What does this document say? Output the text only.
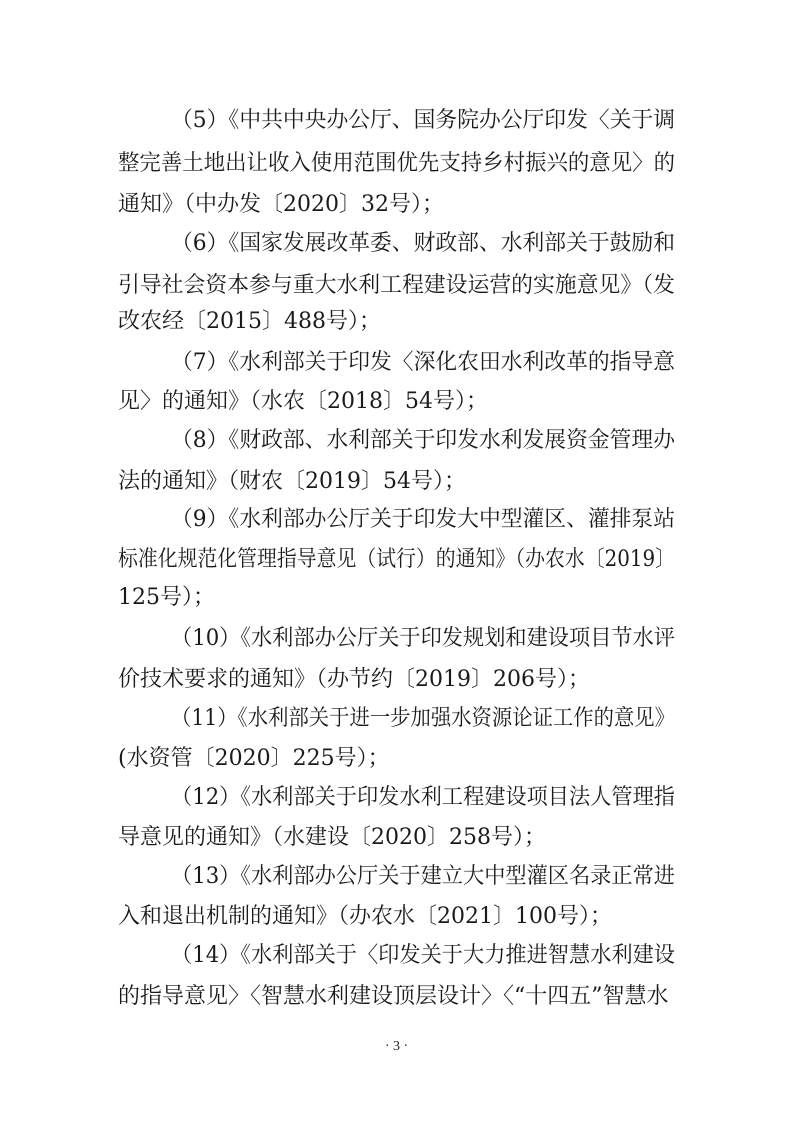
（5）《中共中央办公厅、国务院办公厅印发〈关于调
整完善土地出让收入使用范围优先支持乡村振兴的意见〉的
通知》（中办发〔2020〕32号）；
（6）《国家发展改革委、财政部、水利部关于鼓励和
引导社会资本参与重大水利工程建设运营的实施意见》（发
改农经〔2015〕488号）；
（7）《水利部关于印发〈深化农田水利改革的指导意
见〉的通知》（水农〔2018〕54号）；
（8）《财政部、水利部关于印发水利发展资金管理办
法的通知》（财农〔2019〕54号）；
（9）《水利部办公厅关于印发大中型灌区、灌排泵站
标准化规范化管理指导意见（试行）的通知》（办农水〔2019〕
125号）；
（10）《水利部办公厅关于印发规划和建设项目节水评
价技术要求的通知》（办节约〔2019〕206号）；
（11）《水利部关于进一步加强水资源论证工作的意见》
(水资管〔2020〕225号）；
（12）《水利部关于印发水利工程建设项目法人管理指
导意见的通知》（水建设〔2020〕258号）；
（13）《水利部办公厅关于建立大中型灌区名录正常进
入和退出机制的通知》（办农水〔2021〕100号）；
（14）《水利部关于〈印发关于大力推进智慧水利建设
的指导意见〉〈智慧水利建设顶层设计〉〈“十四五”智慧水
· 3 ·
